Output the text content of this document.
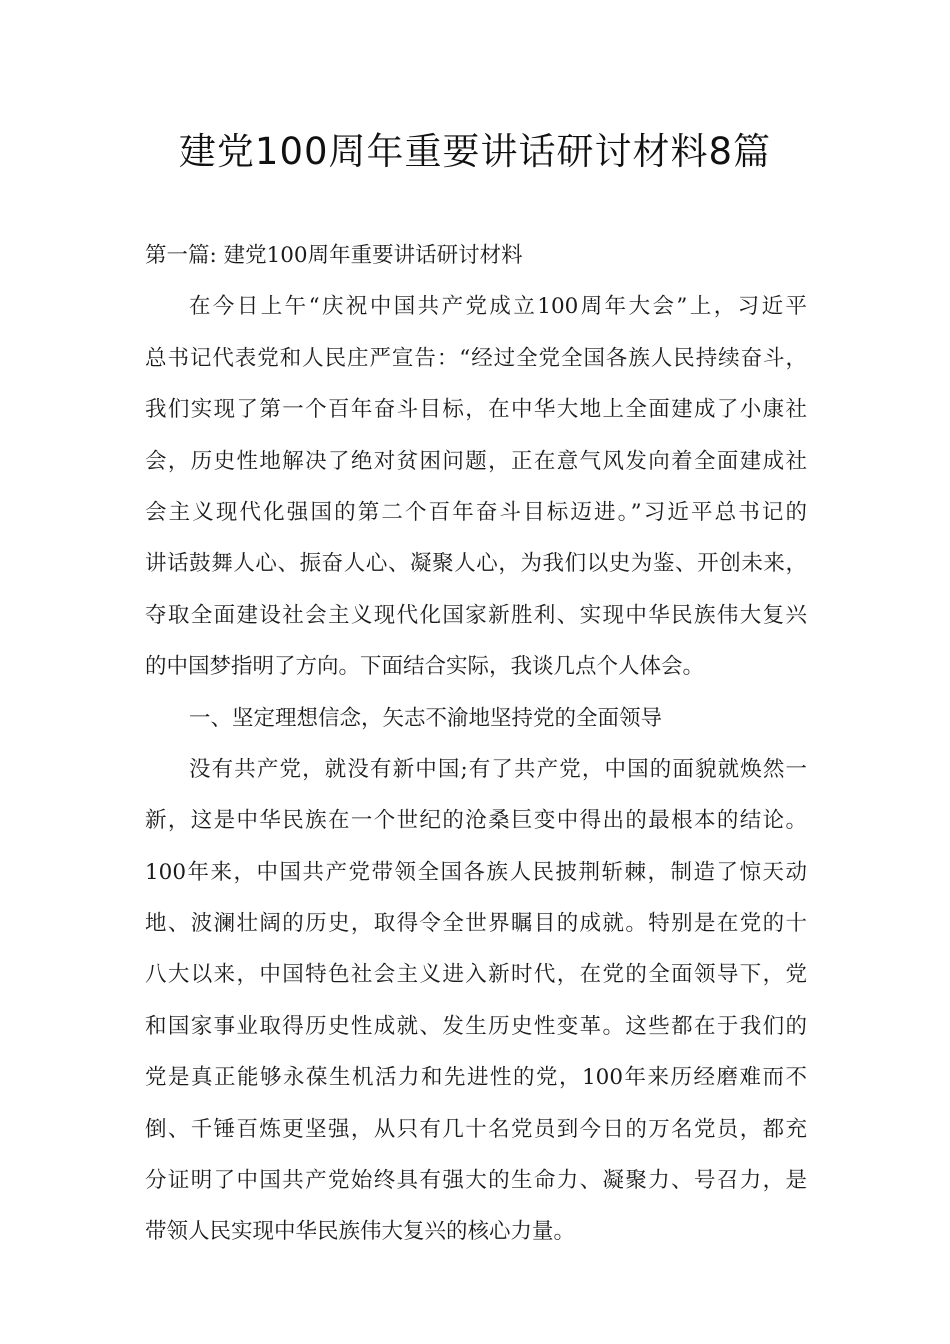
建党100周年重要讲话研讨材料8篇
第一篇: 建党100周年重要讲话研讨材料
在今日上午“庆祝中国共产党成立100周年大会”上，习近平
总书记代表党和人民庄严宣告：“经过全党全国各族人民持续奋斗，
我们实现了第一个百年奋斗目标，在中华大地上全面建成了小康社
会，历史性地解决了绝对贫困问题，正在意气风发向着全面建成社
会主义现代化强国的第二个百年奋斗目标迈进。”习近平总书记的
讲话鼓舞人心、振奋人心、凝聚人心，为我们以史为鉴、开创未来，
夺取全面建设社会主义现代化国家新胜利、实现中华民族伟大复兴
的中国梦指明了方向。下面结合实际，我谈几点个人体会。
一、坚定理想信念，矢志不渝地坚持党的全面领导
没有共产党，就没有新中国;有了共产党，中国的面貌就焕然一
新，这是中华民族在一个世纪的沧桑巨变中得出的最根本的结论。
100年来，中国共产党带领全国各族人民披荆斩棘，制造了惊天动
地、波澜壮阔的历史，取得令全世界瞩目的成就。特别是在党的十
八大以来，中国特色社会主义进入新时代，在党的全面领导下，党
和国家事业取得历史性成就、发生历史性变革。这些都在于我们的
党是真正能够永葆生机活力和先进性的党，100年来历经磨难而不
倒、千锤百炼更坚强，从只有几十名党员到今日的万名党员，都充
分证明了中国共产党始终具有强大的生命力、凝聚力、号召力，是
带领人民实现中华民族伟大复兴的核心力量。
